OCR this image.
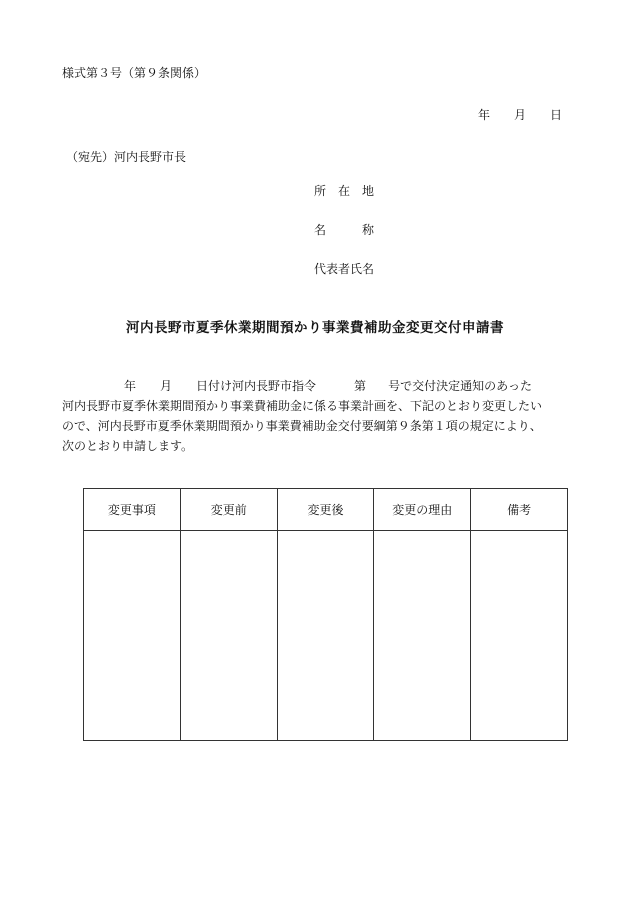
様式第３号（第９条関係）
年 月 日
（宛先）河内長野市長
所　在　地
名　　　称
代表者氏名
河内長野市夏季休業期間預かり事業費補助金変更交付申請書
年 月 日付け河内長野市指令	第 号で交付決定通知のあった
河内長野市夏季休業期間預かり事業費補助金に係る事業計画を、下記のとおり変更したい
ので、河内長野市夏季休業期間預かり事業費補助金交付要綱第９条第１項の規定により、
次のとおり申請します。
変更事項	変更前	変更後	変更の理由	備考
